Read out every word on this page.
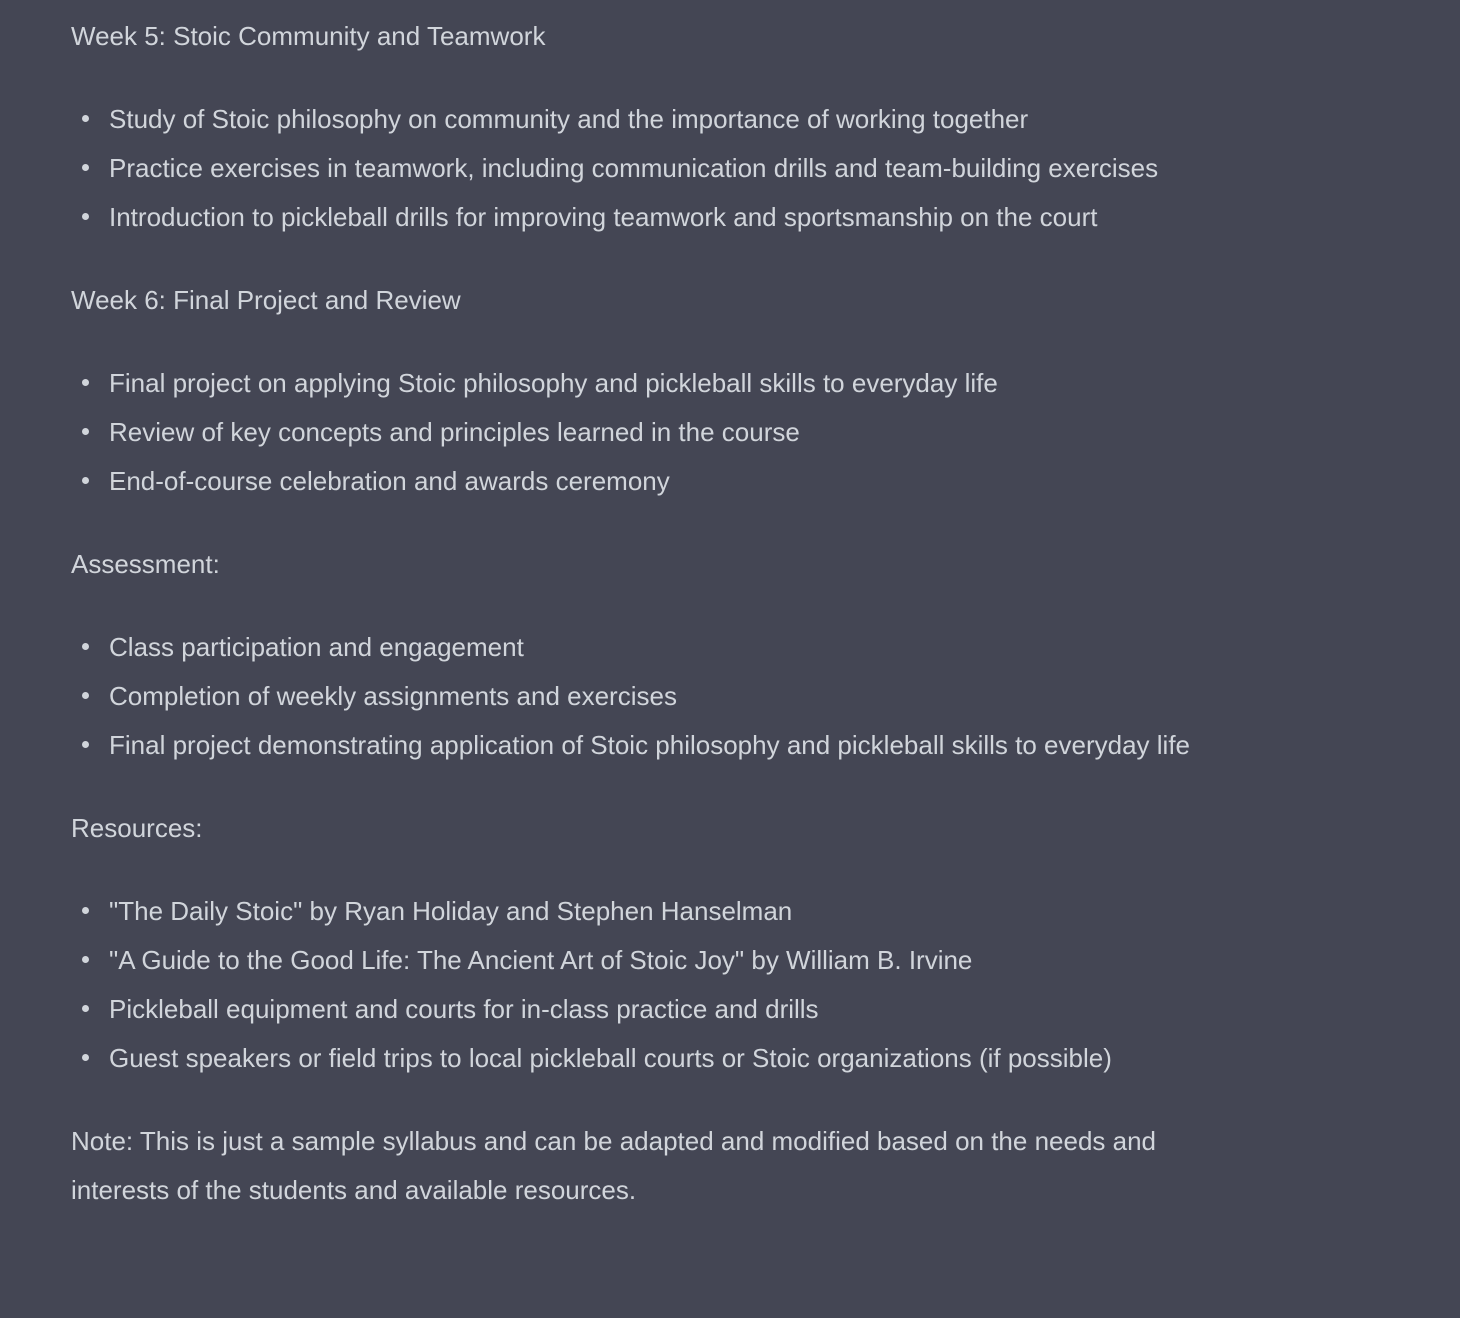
Week 5: Stoic Community and Teamwork

Study of Stoic philosophy on community and the importance of working together
Practice exercises in teamwork, including communication drills and team-building exercises
Introduction to pickleball drills for improving teamwork and sportsmanship on the court

Week 6: Final Project and Review

Final project on applying Stoic philosophy and pickleball skills to everyday life
Review of key concepts and principles learned in the course
End-of-course celebration and awards ceremony

Assessment:

Class participation and engagement
Completion of weekly assignments and exercises
Final project demonstrating application of Stoic philosophy and pickleball skills to everyday life

Resources:

"The Daily Stoic" by Ryan Holiday and Stephen Hanselman
"A Guide to the Good Life: The Ancient Art of Stoic Joy" by William B. Irvine
Pickleball equipment and courts for in-class practice and drills
Guest speakers or field trips to local pickleball courts or Stoic organizations (if possible)

Note: This is just a sample syllabus and can be adapted and modified based on the needs and interests of the students and available resources.
